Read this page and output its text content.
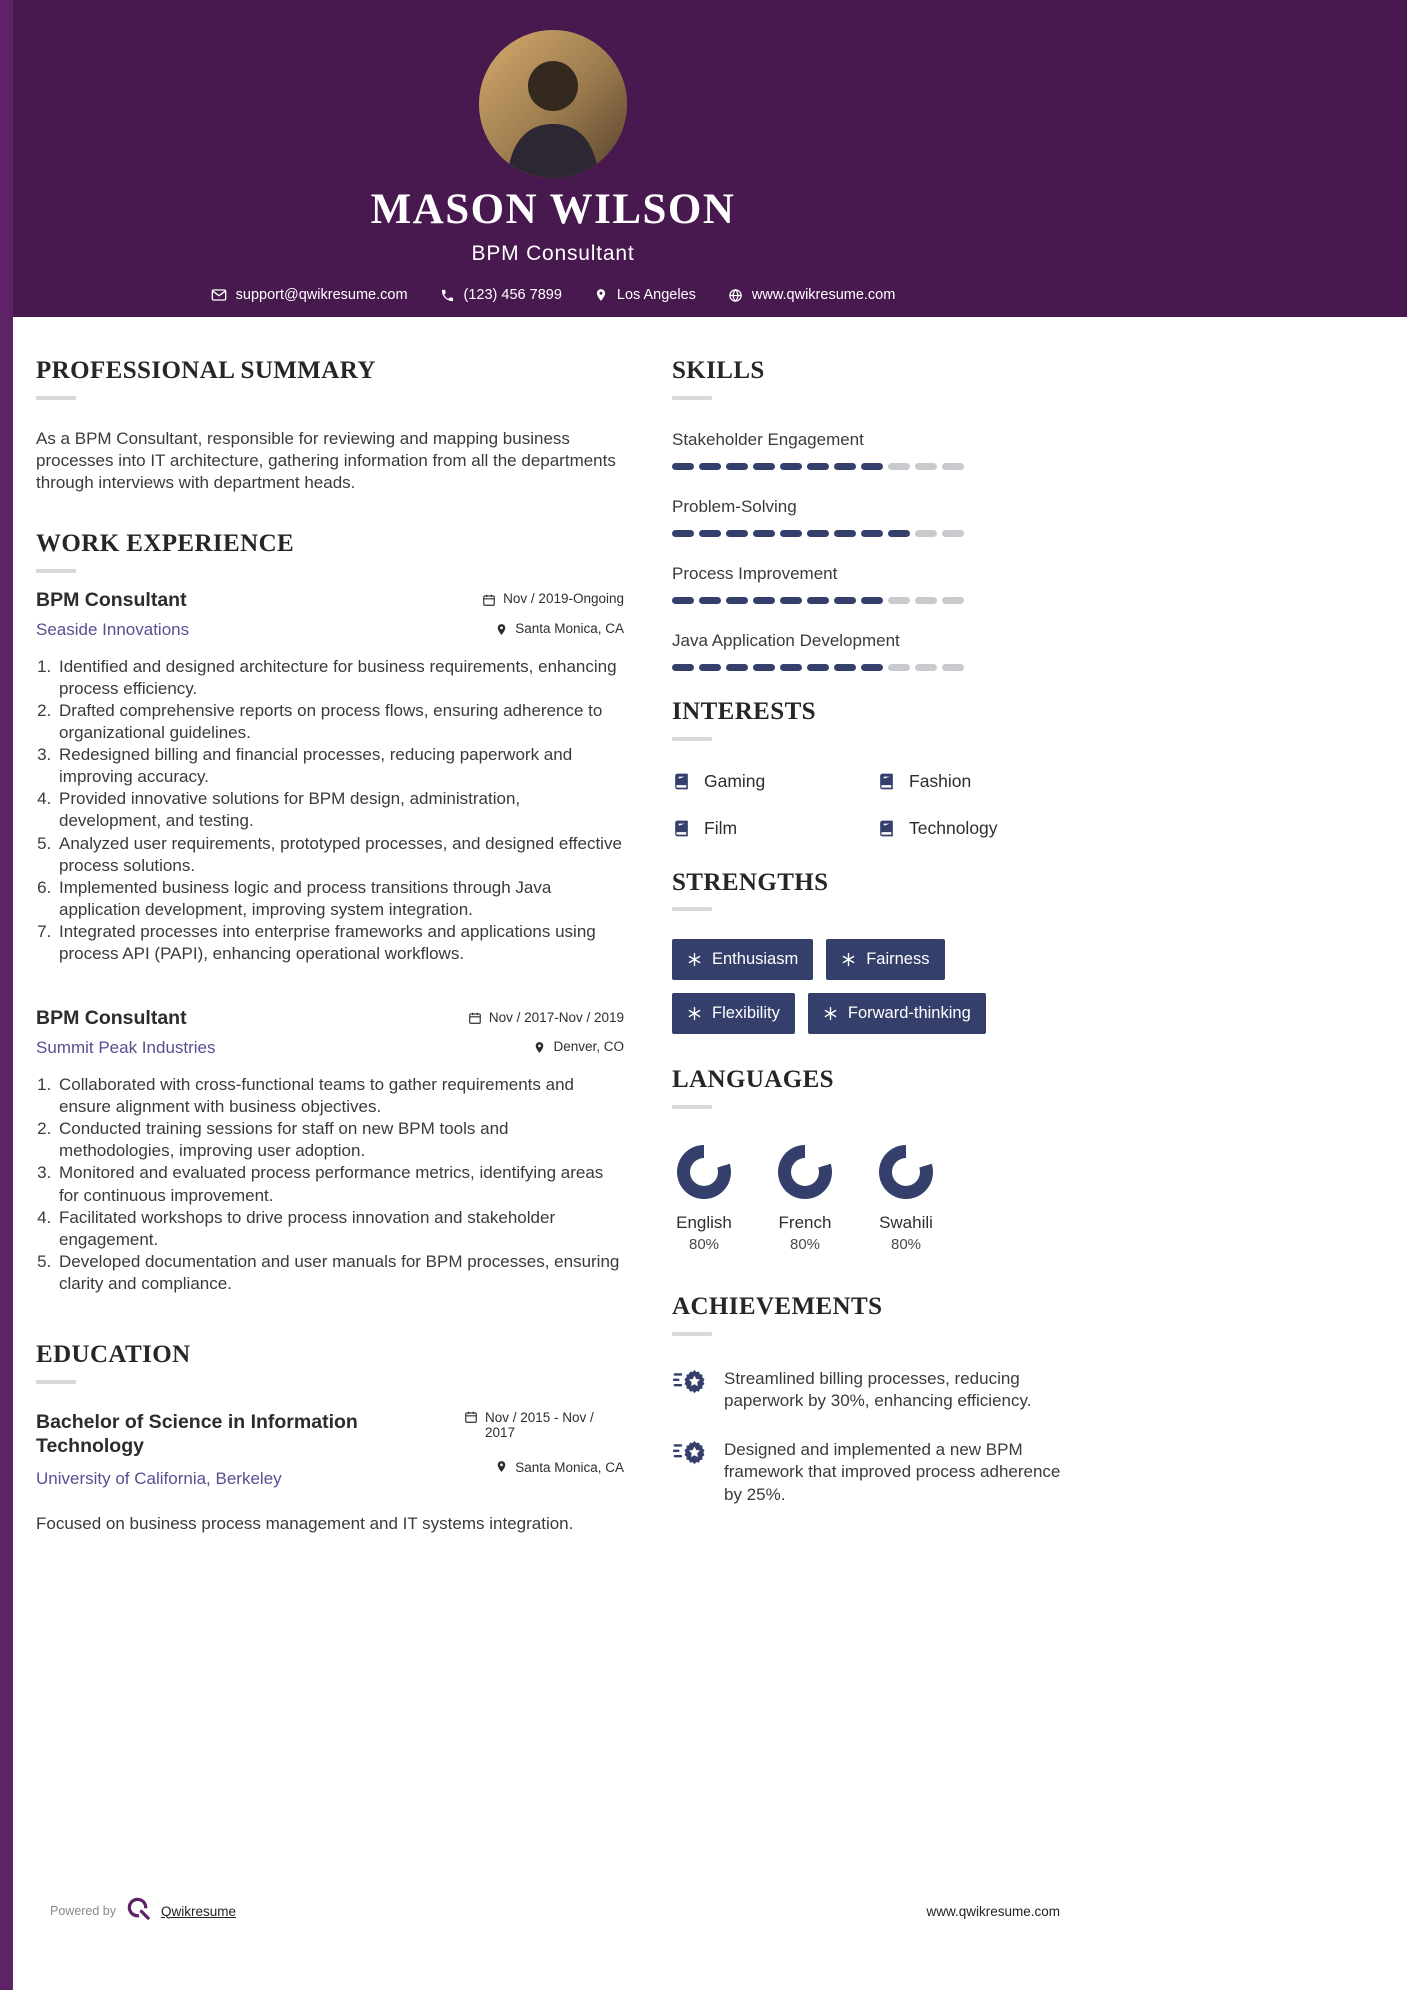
MASON WILSON
BPM Consultant
support@qwikresume.com	(123) 456 7899	Los Angeles	www.qwikresume.com
PROFESSIONAL SUMMARY

As a BPM Consultant, responsible for reviewing and mapping business processes into IT architecture, gathering information from all the departments through interviews with department heads.

WORK EXPERIENCE
BPM Consultant	Nov / 2019-Ongoing
Seaside Innovations	Santa Monica, CA
1. Identified and designed architecture for business requirements, enhancing process efficiency.
2. Drafted comprehensive reports on process flows, ensuring adherence to organizational guidelines.
3. Redesigned billing and financial processes, reducing paperwork and improving accuracy.
4. Provided innovative solutions for BPM design, administration, development, and testing.
5. Analyzed user requirements, prototyped processes, and designed effective process solutions.
6. Implemented business logic and process transitions through Java application development, improving system integration.
7. Integrated processes into enterprise frameworks and applications using process API (PAPI), enhancing operational workflows.
BPM Consultant	Nov / 2017-Nov / 2019
Summit Peak Industries	Denver, CO
1. Collaborated with cross-functional teams to gather requirements and ensure alignment with business objectives.
2. Conducted training sessions for staff on new BPM tools and methodologies, improving user adoption.
3. Monitored and evaluated process performance metrics, identifying areas for continuous improvement.
4. Facilitated workshops to drive process innovation and stakeholder engagement.
5. Developed documentation and user manuals for BPM processes, ensuring clarity and compliance.
EDUCATION
Bachelor of Science in Information Technology
University of California, Berkeley
Nov / 2015 - Nov / 2017
Santa Monica, CA

Focused on business process management and IT systems integration.

SKILLS
Stakeholder Engagement
Problem-Solving
Process Improvement
Java Application Development
INTERESTS
Gaming	Fashion
Film	Technology
STRENGTHS
Enthusiasm	Fairness
Flexibility	Forward-thinking
LANGUAGES
English
80%
French
80%
Swahili
80%
ACHIEVEMENTS
Streamlined billing processes, reducing paperwork by 30%, enhancing efficiency.
Designed and implemented a new BPM framework that improved process adherence by 25%.
Powered by	Qwikresume	www.qwikresume.com
